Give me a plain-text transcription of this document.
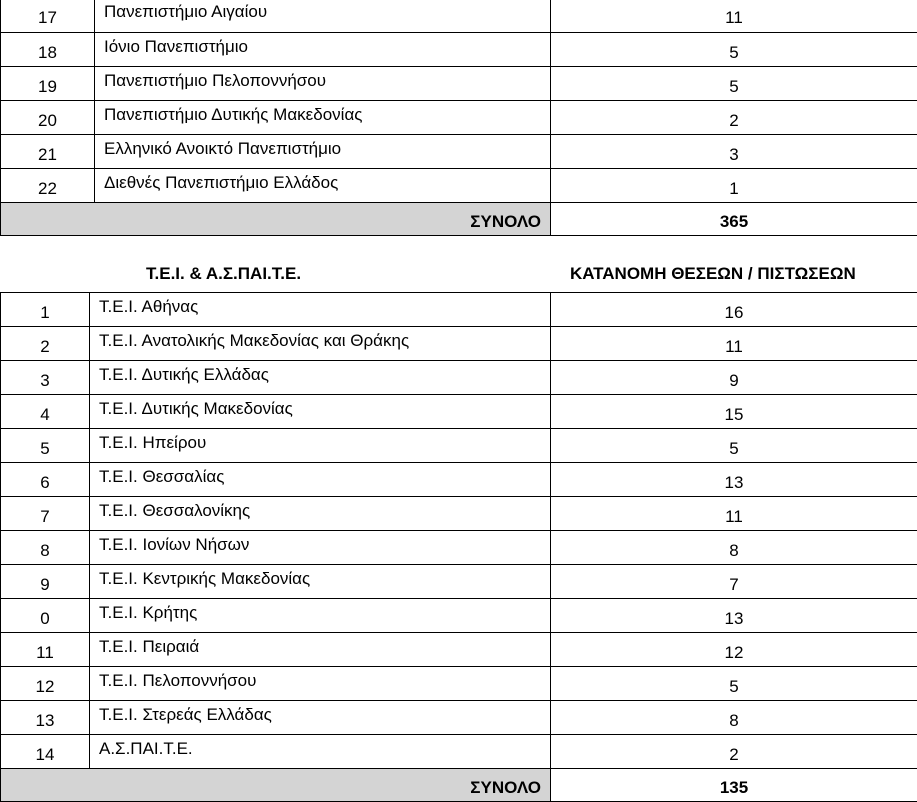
17	Πανεπιστήμιο Αιγαίου	11
18	Ιόνιο Πανεπιστήμιο	5
19	Πανεπιστήμιο Πελοποννήσου	5
20	Πανεπιστήμιο Δυτικής Μακεδονίας	2
21	Ελληνικό Ανοικτό Πανεπιστήμιο	3
22	Διεθνές Πανεπιστήμιο Ελλάδος	1
ΣΥΝΟΛΟ		365
Τ.Ε.Ι. & Α.Σ.ΠΑΙ.Τ.Ε.	ΚΑΤΑΝΟΜΗ ΘΕΣΕΩΝ / ΠΙΣΤΩΣΕΩΝ
1	Τ.Ε.Ι. Αθήνας	16
2	Τ.Ε.Ι. Ανατολικής Μακεδονίας και Θράκης	11
3	Τ.Ε.Ι. Δυτικής Ελλάδας	9
4	Τ.Ε.Ι. Δυτικής Μακεδονίας	15
5	Τ.Ε.Ι. Ηπείρου	5
6	Τ.Ε.Ι. Θεσσαλίας	13
7	Τ.Ε.Ι. Θεσσαλονίκης	11
8	Τ.Ε.Ι. Ιονίων Νήσων	8
9	Τ.Ε.Ι. Κεντρικής Μακεδονίας	7
0	Τ.Ε.Ι. Κρήτης	13
11	Τ.Ε.Ι. Πειραιά	12
12	Τ.Ε.Ι. Πελοποννήσου	5
13	Τ.Ε.Ι. Στερεάς Ελλάδας	8
14	Α.Σ.ΠΑΙ.Τ.Ε.	2
ΣΥΝΟΛΟ		135
